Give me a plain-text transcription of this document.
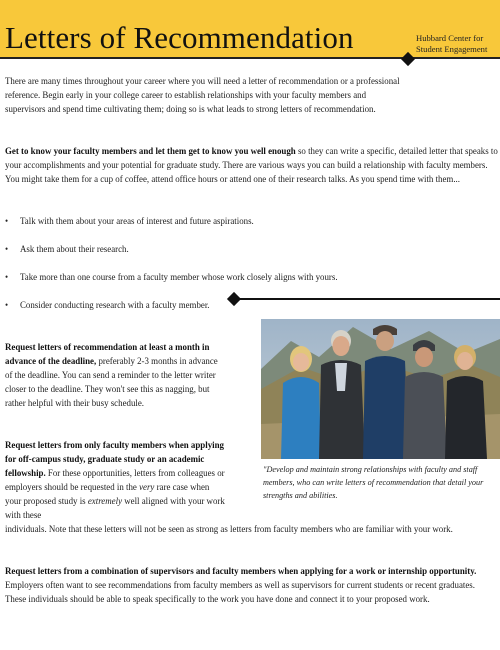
Letters of Recommendation	Hubbard Center for
Student Engagement
There are many times throughout your career where you will need a letter of recommendation or a professional reference. Begin early in your college career to establish relationships with your faculty members and supervisors and spend time cultivating them; doing so is what leads to strong letters of recommendation.
Get to know your faculty members and let them get to know you well enough so they can write a specific, detailed letter that speaks to your accomplishments and your potential for graduate study. There are various ways you can build a relationship with faculty members. You might take them for a cup of coffee, attend office hours or attend one of their research talks. As you spend time with them...
• Talk with them about your areas of interest and future aspirations.
• Ask them about their research.
• Take more than one course from a faculty member whose work closely aligns with yours.
• Consider conducting research with a faculty member.
"Develop and maintain strong relationships with faculty and staff members, who can write letters of recommendation that detail your strengths and abilities.
Request letters of recommendation at least a month in advance of the deadline, preferably 2-3 months in advance of the deadline. You can send a reminder to the letter writer closer to the deadline. They won't see this as nagging, but rather helpful with their busy schedule.
Request letters from only faculty members when applying for off-campus study, graduate study or an academic fellowship. For these opportunities, letters from colleagues or employers should be requested in the very rare case when your proposed study is extremely well aligned with your work with these
individuals. Note that these letters will not be seen as strong as letters from faculty members who are familiar with your work.
Request letters from a combination of supervisors and faculty members when applying for a work or internship opportunity. Employers often want to see recommendations from faculty members as well as supervisors for current students or recent graduates. These individuals should be able to speak specifically to the work you have done and connect it to your proposed work.
